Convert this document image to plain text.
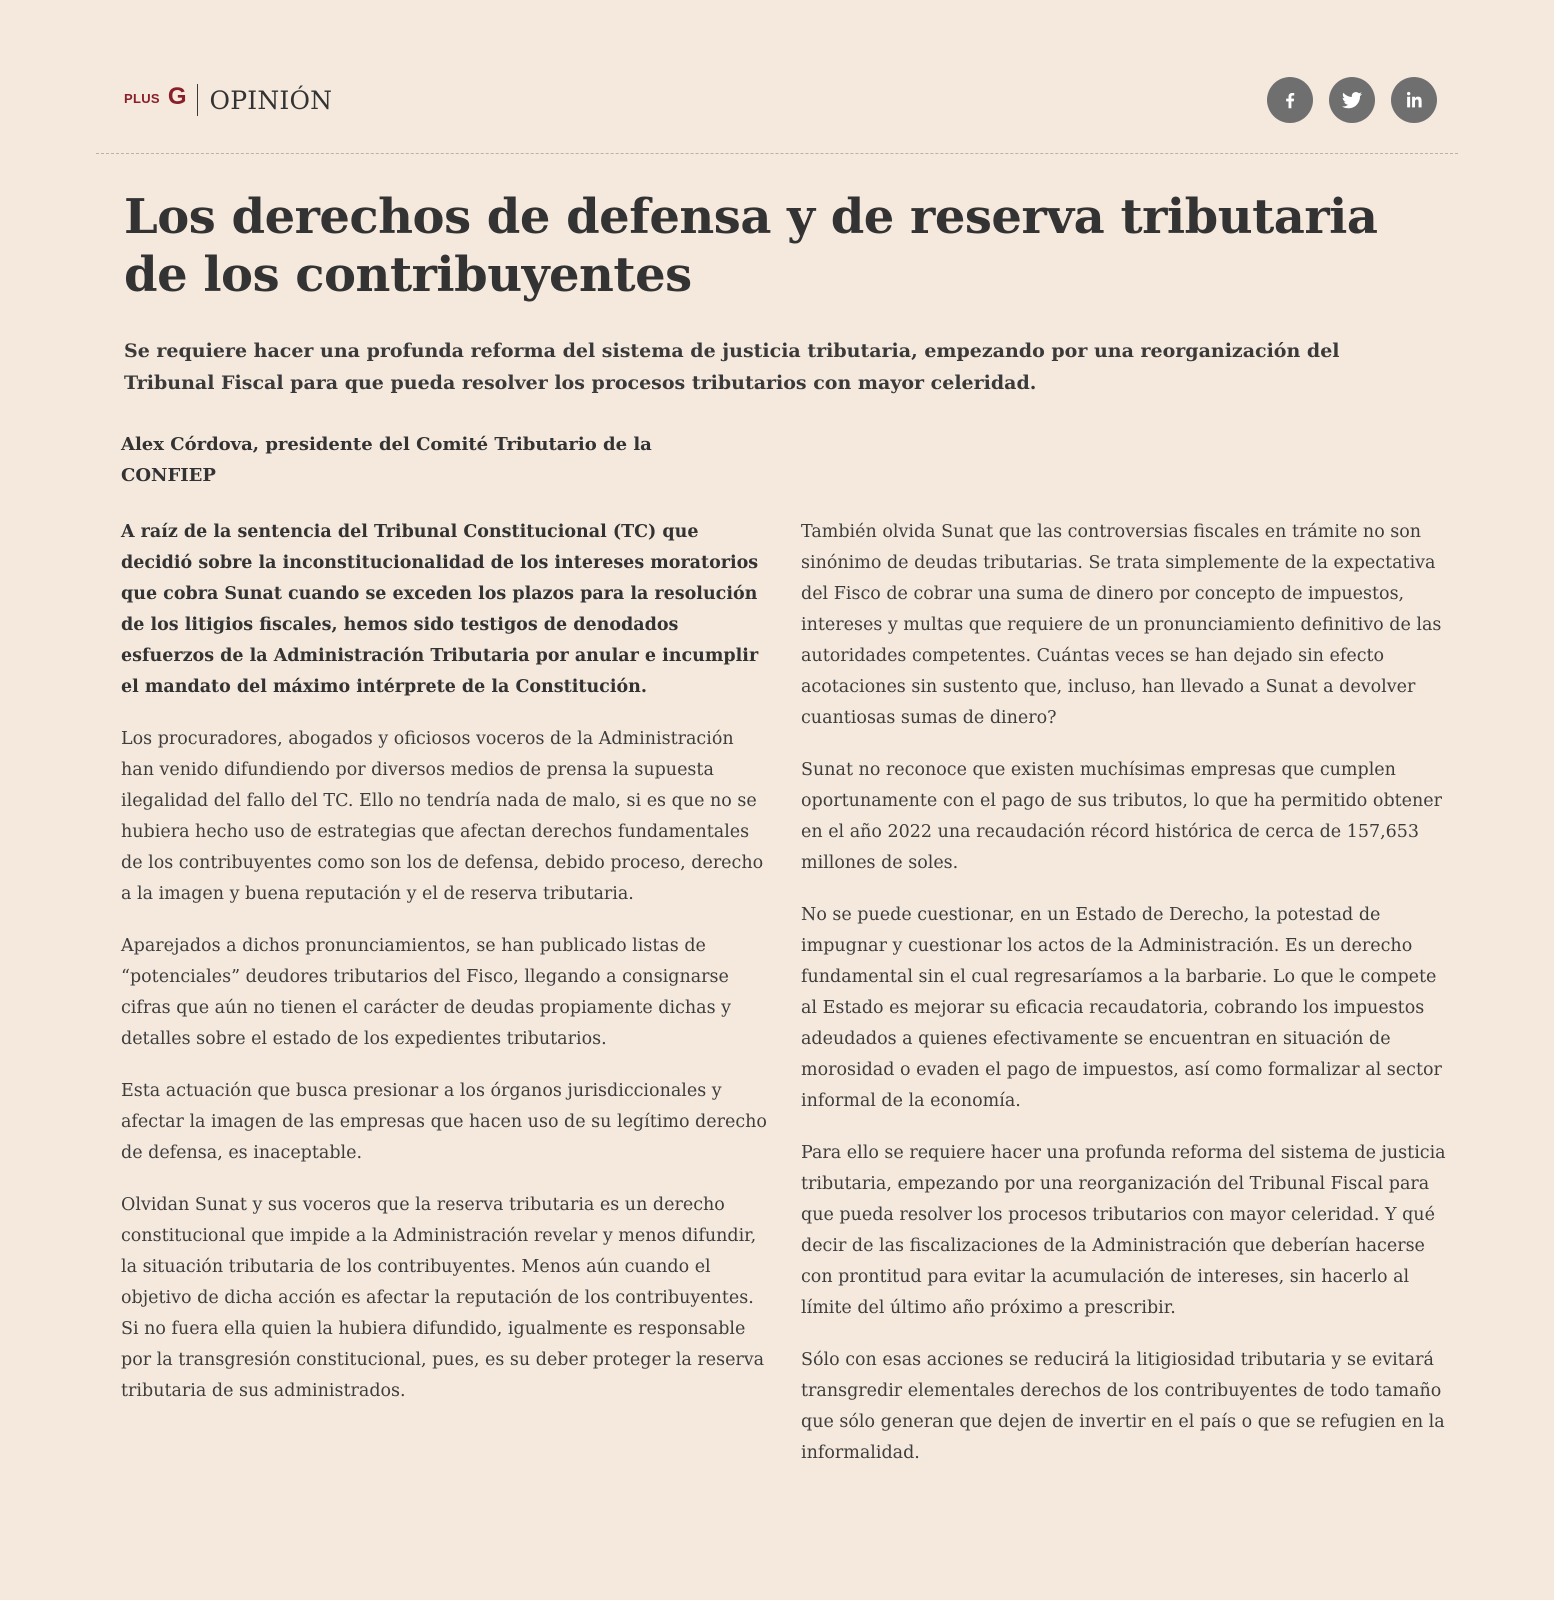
PLUS G OPINIÓN
Los derechos de defensa y de reserva tributaria de los contribuyentes

Se requiere hacer una profunda reforma del sistema de justicia tributaria, empezando por una reorganización del Tribunal Fiscal para que pueda resolver los procesos tributarios con mayor celeridad.

Alex Córdova, presidente del Comité Tributario de la CONFIEP

A raíz de la sentencia del Tribunal Constitucional (TC) que decidió sobre la inconstitucionalidad de los intereses moratorios que cobra Sunat cuando se exceden los plazos para la resolución de los litigios fiscales, hemos sido testigos de denodados esfuerzos de la Administración Tributaria por anular e incumplir el mandato del máximo intérprete de la Constitución.

Los procuradores, abogados y oficiosos voceros de la Administración han venido difundiendo por diversos medios de prensa la supuesta ilegalidad del fallo del TC. Ello no tendría nada de malo, si es que no se hubiera hecho uso de estrategias que afectan derechos fundamentales de los contribuyentes como son los de defensa, debido proceso, derecho a la imagen y buena reputación y el de reserva tributaria.

Aparejados a dichos pronunciamientos, se han publicado listas de “potenciales” deudores tributarios del Fisco, llegando a consignarse cifras que aún no tienen el carácter de deudas propiamente dichas y detalles sobre el estado de los expedientes tributarios.

Esta actuación que busca presionar a los órganos jurisdiccionales y afectar la imagen de las empresas que hacen uso de su legítimo derecho de defensa, es inaceptable.

Olvidan Sunat y sus voceros que la reserva tributaria es un derecho constitucional que impide a la Administración revelar y menos difundir, la situación tributaria de los contribuyentes. Menos aún cuando el objetivo de dicha acción es afectar la reputación de los contribuyentes. Si no fuera ella quien la hubiera difundido, igualmente es responsable por la transgresión constitucional, pues, es su deber proteger la reserva tributaria de sus administrados.

También olvida Sunat que las controversias fiscales en trámite no son sinónimo de deudas tributarias. Se trata simplemente de la expectativa del Fisco de cobrar una suma de dinero por concepto de impuestos, intereses y multas que requiere de un pronunciamiento definitivo de las autoridades competentes. Cuántas veces se han dejado sin efecto acotaciones sin sustento que, incluso, han llevado a Sunat a devolver cuantiosas sumas de dinero?

Sunat no reconoce que existen muchísimas empresas que cumplen oportunamente con el pago de sus tributos, lo que ha permitido obtener en el año 2022 una recaudación récord histórica de cerca de 157,653 millones de soles.

No se puede cuestionar, en un Estado de Derecho, la potestad de impugnar y cuestionar los actos de la Administración. Es un derecho fundamental sin el cual regresaríamos a la barbarie. Lo que le compete al Estado es mejorar su eficacia recaudatoria, cobrando los impuestos adeudados a quienes efectivamente se encuentran en situación de morosidad o evaden el pago de impuestos, así como formalizar al sector informal de la economía.

Para ello se requiere hacer una profunda reforma del sistema de justicia tributaria, empezando por una reorganización del Tribunal Fiscal para que pueda resolver los procesos tributarios con mayor celeridad. Y qué decir de las fiscalizaciones de la Administración que deberían hacerse con prontitud para evitar la acumulación de intereses, sin hacerlo al límite del último año próximo a prescribir.

Sólo con esas acciones se reducirá la litigiosidad tributaria y se evitará transgredir elementales derechos de los contribuyentes de todo tamaño que sólo generan que dejen de invertir en el país o que se refugien en la informalidad.
